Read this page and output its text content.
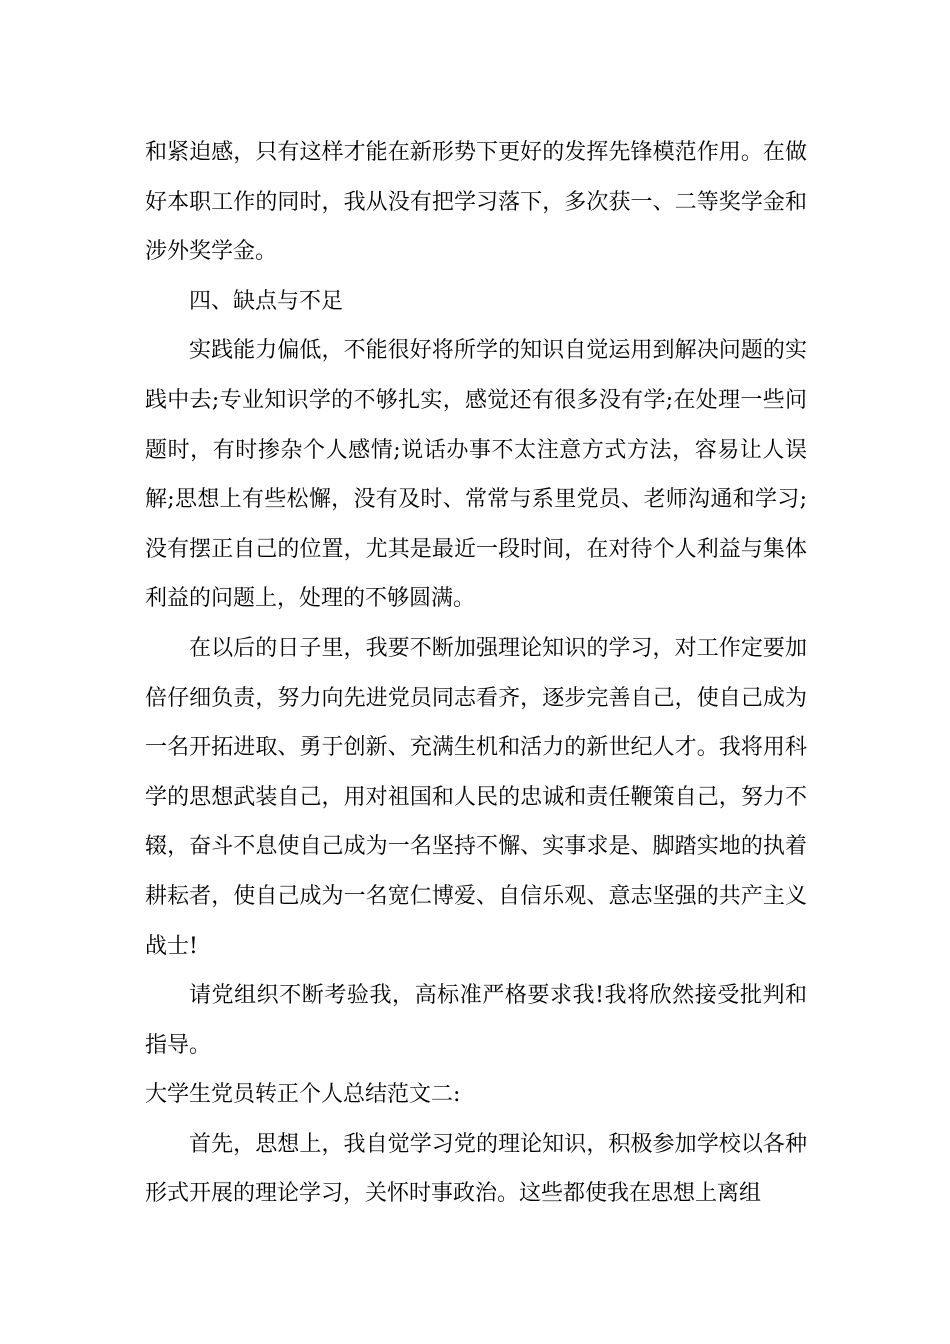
和紧迫感，只有这样才能在新形势下更好的发挥先锋模范作用。在做好本职工作的同时，我从没有把学习落下，多次获一、二等奖学金和涉外奖学金。

四、缺点与不足

实践能力偏低，不能很好将所学的知识自觉运用到解决问题的实践中去;专业知识学的不够扎实，感觉还有很多没有学;在处理一些问题时，有时掺杂个人感情;说话办事不太注意方式方法，容易让人误解;思想上有些松懈，没有及时、常常与系里党员、老师沟通和学习;没有摆正自己的位置，尤其是最近一段时间，在对待个人利益与集体利益的问题上，处理的不够圆满。

在以后的日子里，我要不断加强理论知识的学习，对工作定要加倍仔细负责，努力向先进党员同志看齐，逐步完善自己，使自己成为一名开拓进取、勇于创新、充满生机和活力的新世纪人才。我将用科学的思想武装自己，用对祖国和人民的忠诚和责任鞭策自己，努力不辍，奋斗不息使自己成为一名坚持不懈、实事求是、脚踏实地的执着耕耘者，使自己成为一名宽仁博爱、自信乐观、意志坚强的共产主义战士!

请党组织不断考验我，高标准严格要求我!我将欣然接受批判和指导。

大学生党员转正个人总结范文二:

首先，思想上，我自觉学习党的理论知识，积极参加学校以各种形式开展的理论学习，关怀时事政治。这些都使我在思想上离组
